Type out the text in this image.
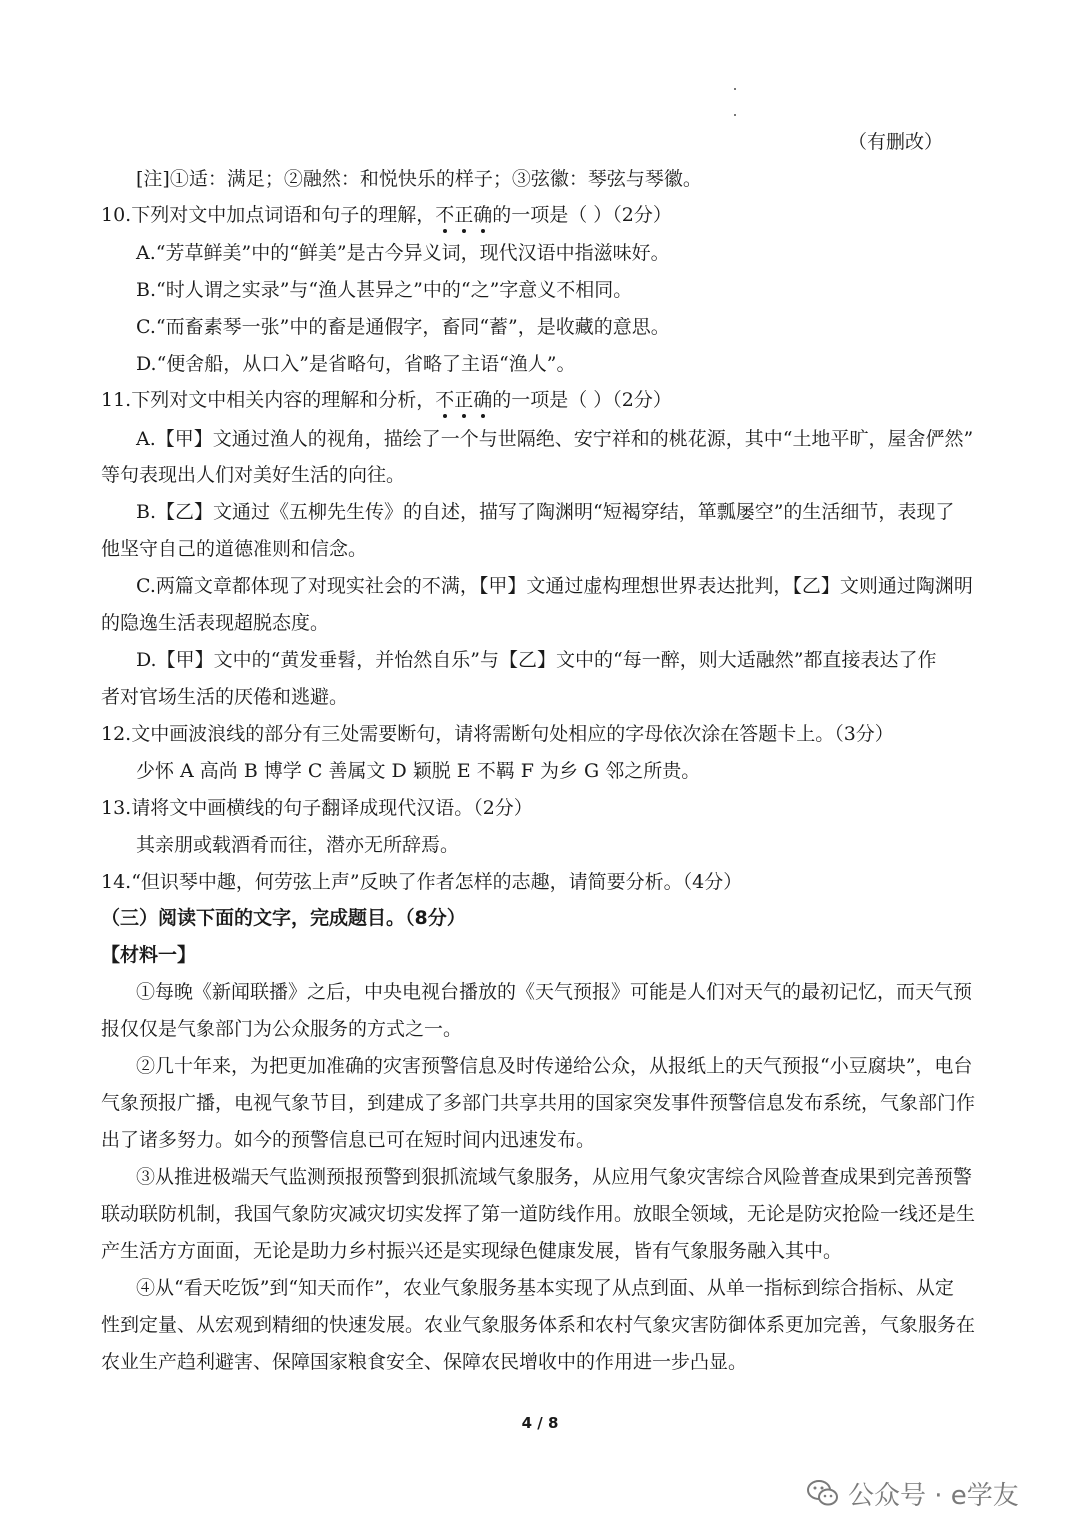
（有删改）
[注]①适：满足；②融然：和悦快乐的样子；③弦徽：琴弦与琴徽。
10.下列对文中加点词语和句子的理解，不正确的一项是（ ）（2分）
A.“芳草鲜美”中的“鲜美”是古今异义词，现代汉语中指滋味好。
B.“时人谓之实录”与“渔人甚异之”中的“之”字意义不相同。
C.“而畜素琴一张”中的畜是通假字，畜同“蓄”，是收藏的意思。
D.“便舍船，从口入”是省略句，省略了主语“渔人”。
11.下列对文中相关内容的理解和分析，不正确的一项是（ ）（2分）
A.【甲】文通过渔人的视角，描绘了一个与世隔绝、安宁祥和的桃花源，其中“土地平旷，屋舍俨然”
等句表现出人们对美好生活的向往。
B.【乙】文通过《五柳先生传》的自述，描写了陶渊明“短褐穿结，箪瓢屡空”的生活细节，表现了
他坚守自己的道德准则和信念。
C.两篇文章都体现了对现实社会的不满，【甲】文通过虚构理想世界表达批判，【乙】文则通过陶渊明
的隐逸生活表现超脱态度。
D.【甲】文中的“黄发垂髫，并怡然自乐”与【乙】文中的“每一醉，则大适融然”都直接表达了作
者对官场生活的厌倦和逃避。
12.文中画波浪线的部分有三处需要断句，请将需断句处相应的字母依次涂在答题卡上。（3分）
少怀 A 高尚 B 博学 C 善属文 D 颖脱 E 不羁 F 为乡 G 邻之所贵。
13.请将文中画横线的句子翻译成现代汉语。（2分）
其亲朋或载酒肴而往，潜亦无所辞焉。
14.“但识琴中趣，何劳弦上声”反映了作者怎样的志趣，请简要分析。（4分）
（三）阅读下面的文字，完成题目。（8分）
【材料一】
①每晚《新闻联播》之后，中央电视台播放的《天气预报》可能是人们对天气的最初记忆，而天气预
报仅仅是气象部门为公众服务的方式之一。
②几十年来，为把更加准确的灾害预警信息及时传递给公众，从报纸上的天气预报“小豆腐块”，电台
气象预报广播，电视气象节目，到建成了多部门共享共用的国家突发事件预警信息发布系统，气象部门作
出了诸多努力。如今的预警信息已可在短时间内迅速发布。
③从推进极端天气监测预报预警到狠抓流域气象服务，从应用气象灾害综合风险普查成果到完善预警
联动联防机制，我国气象防灾减灾切实发挥了第一道防线作用。放眼全领域，无论是防灾抢险一线还是生
产生活方方面面，无论是助力乡村振兴还是实现绿色健康发展，皆有气象服务融入其中。
④从“看天吃饭”到“知天而作”，农业气象服务基本实现了从点到面、从单一指标到综合指标、从定
性到定量、从宏观到精细的快速发展。农业气象服务体系和农村气象灾害防御体系更加完善，气象服务在
农业生产趋利避害、保障国家粮食安全、保障农民增收中的作用进一步凸显。
4 / 8
公众号 · e学友
